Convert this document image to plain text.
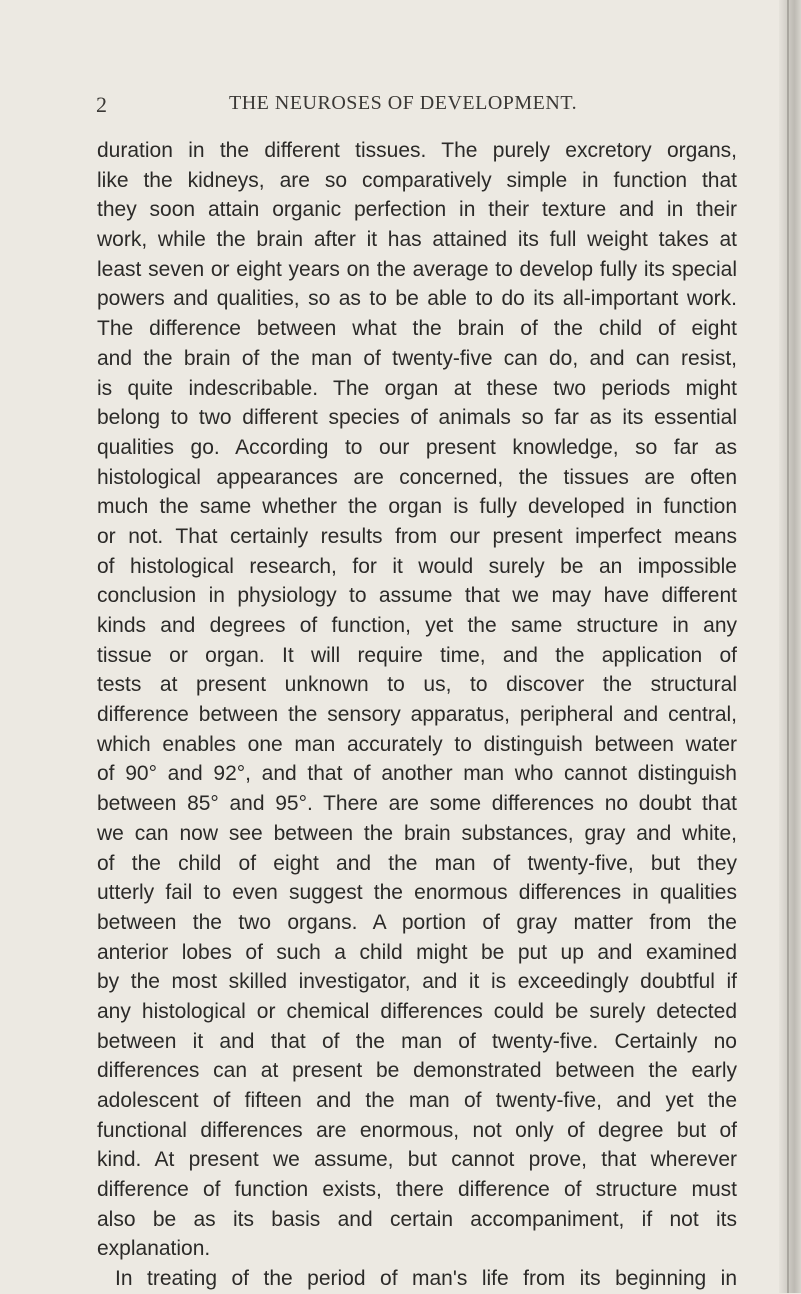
2	THE NEUROSES OF DEVELOPMENT.
duration in the different tissues. The purely excretory organs,
like the kidneys, are so comparatively simple in function that
they soon attain organic perfection in their texture and in their
work, while the brain after it has attained its full weight takes at
least seven or eight years on the average to develop fully its special
powers and qualities, so as to be able to do its all-important work.
The difference between what the brain of the child of eight
and the brain of the man of twenty-five can do, and can resist,
is quite indescribable. The organ at these two periods might
belong to two different species of animals so far as its essential
qualities go. According to our present knowledge, so far as
histological appearances are concerned, the tissues are often
much the same whether the organ is fully developed in function
or not. That certainly results from our present imperfect means
of histological research, for it would surely be an impossible
conclusion in physiology to assume that we may have different
kinds and degrees of function, yet the same structure in any
tissue or organ. It will require time, and the application of
tests at present unknown to us, to discover the structural
difference between the sensory apparatus, peripheral and central,
which enables one man accurately to distinguish between water
of 90° and 92°, and that of another man who cannot distinguish
between 85° and 95°. There are some differences no doubt that
we can now see between the brain substances, gray and white,
of the child of eight and the man of twenty-five, but they
utterly fail to even suggest the enormous differences in qualities
between the two organs. A portion of gray matter from the
anterior lobes of such a child might be put up and examined
by the most skilled investigator, and it is exceedingly doubtful if
any histological or chemical differences could be surely detected
between it and that of the man of twenty-five. Certainly no
differences can at present be demonstrated between the early
adolescent of fifteen and the man of twenty-five, and yet the
functional differences are enormous, not only of degree but of
kind. At present we assume, but cannot prove, that wherever
difference of function exists, there difference of structure must
also be as its basis and certain accompaniment, if not its
explanation.
In treating of the period of man's life from its beginning in
